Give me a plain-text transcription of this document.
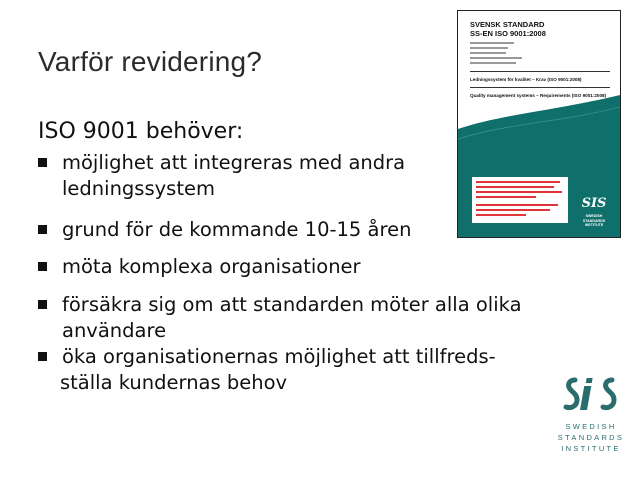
Varför revidering?
ISO 9001 behöver:
möjlighet att integreras med andra
ledningssystem
grund för de kommande 10-15 åren
möta komplexa organisationer
försäkra sig om att standarden möter alla olika
användare
öka organisationernas möjlighet att tillfreds-

ställa kundernas behov
SVENSK STANDARD
SS-EN ISO 9001:2008
Ledningssystem för kvalitet – Krav (ISO 9001:2008)
Quality management systems – Requirements (ISO 9001:2008)
SIS
SWEDISH
STANDARDS
INSTITUTE
SWEDISH
STANDARDS
INSTITUTE
